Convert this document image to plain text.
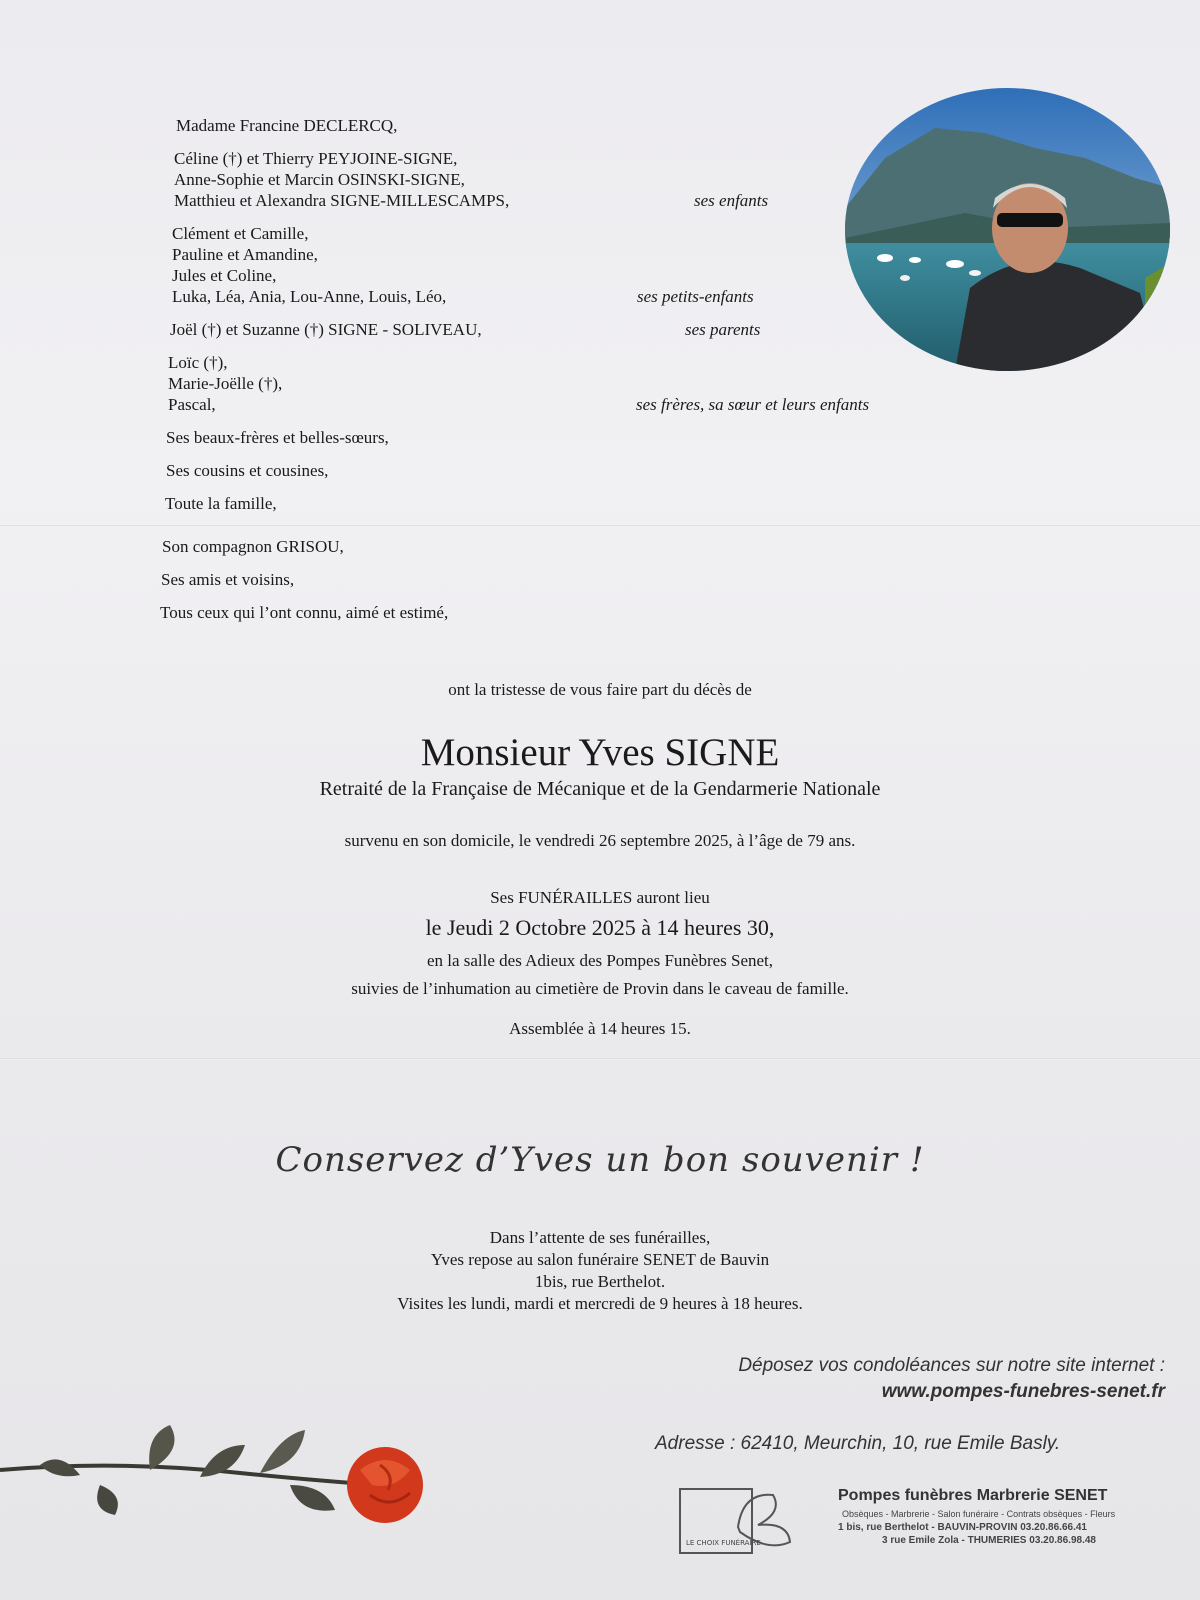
Madame Francine DECLERCQ,
Céline (†) et Thierry PEYJOINE-SIGNE,
Anne-Sophie et Marcin OSINSKI-SIGNE,
Matthieu et Alexandra SIGNE-MILLESCAMPS,	ses enfants
Clément et Camille,
Pauline et Amandine,
Jules et Coline,
Luka, Léa, Ania, Lou-Anne, Louis, Léo,	ses petits-enfants
Joël (†) et Suzanne (†) SIGNE - SOLIVEAU,	ses parents
Loïc (†),
Marie-Joëlle (†),
Pascal,	ses frères, sa sœur et leurs enfants
Ses beaux-frères et belles-sœurs,
Ses cousins et cousines,
Toute la famille,
Son compagnon GRISOU,
Ses amis et voisins,
Tous ceux qui l’ont connu, aimé et estimé,
ont la tristesse de vous faire part du décès de
Monsieur Yves SIGNE
Retraité de la Française de Mécanique et de la Gendarmerie Nationale
survenu en son domicile, le vendredi 26 septembre 2025, à l’âge de 79 ans.
Ses FUNÉRAILLES auront lieu
le Jeudi 2 Octobre 2025 à 14 heures 30,
en la salle des Adieux des Pompes Funèbres Senet,
suivies de l’inhumation au cimetière de Provin dans le caveau de famille.
Assemblée à 14 heures 15.
Conservez d’Yves un bon souvenir !
Dans l’attente de ses funérailles,
Yves repose au salon funéraire SENET de Bauvin
1bis, rue Berthelot.
Visites les lundi, mardi et mercredi de 9 heures à 18 heures.
Déposez vos condoléances sur notre site internet :
www.pompes-funebres-senet.fr
Adresse : 62410, Meurchin, 10, rue Emile Basly.
LE CHOIX FUNÉRAIRE
Pompes funèbres Marbrerie SENET
Obsèques - Marbrerie - Salon funéraire - Contrats obsèques - Fleurs
1 bis, rue Berthelot - BAUVIN-PROVIN 03.20.86.66.41
3 rue Emile Zola - THUMERIES 03.20.86.98.48
